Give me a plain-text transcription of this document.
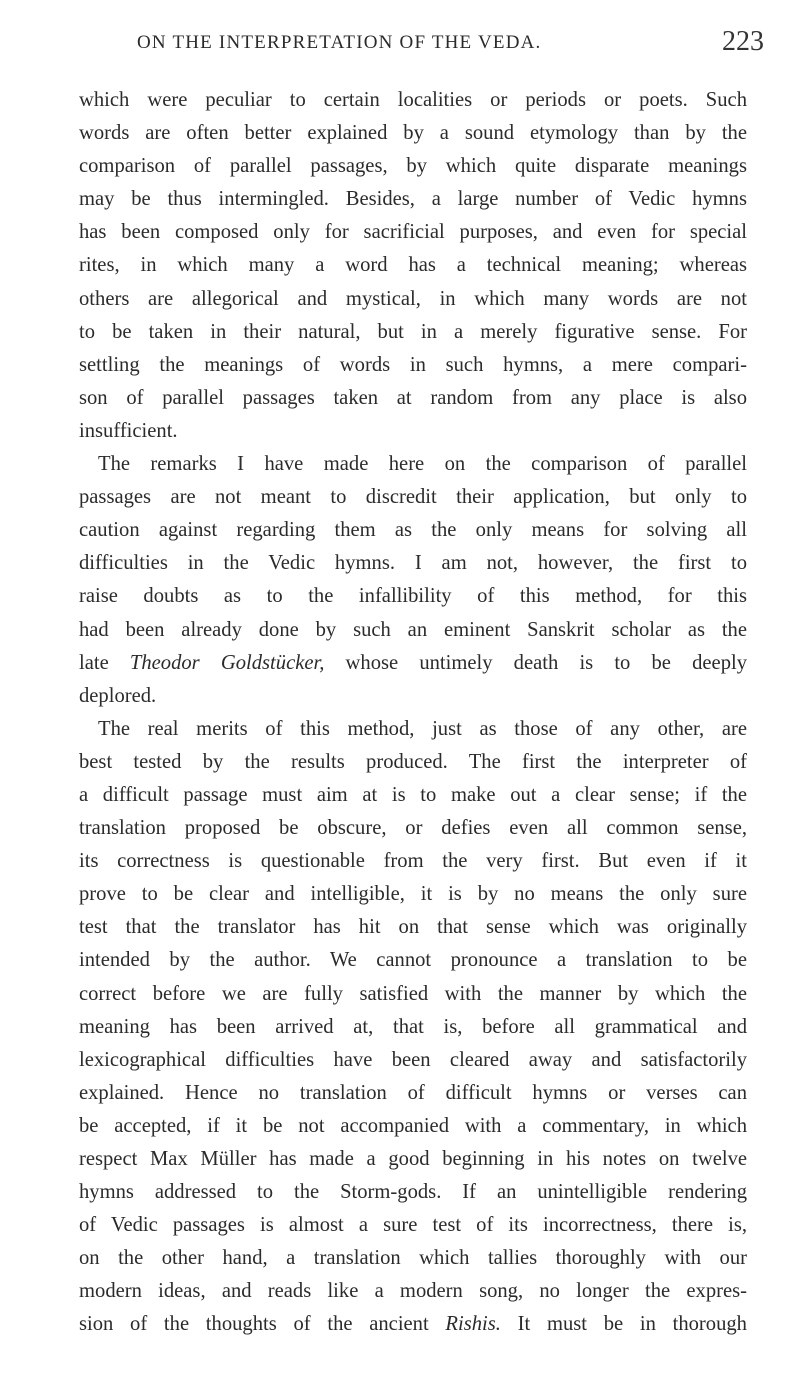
ON THE INTERPRETATION OF THE VEDA.	223
which were peculiar to certain localities or periods or poets. Such
words are often better explained by a sound etymology than by the
comparison of parallel passages, by which quite disparate meanings
may be thus intermingled. Besides, a large number of Vedic hymns
has been composed only for sacrificial purposes, and even for special
rites, in which many a word has a technical meaning; whereas
others are allegorical and mystical, in which many words are not
to be taken in their natural, but in a merely figurative sense. For
settling the meanings of words in such hymns, a mere compari-
son of parallel passages taken at random from any place is also
insufficient.
The remarks I have made here on the comparison of parallel
passages are not meant to discredit their application, but only to
caution against regarding them as the only means for solving all
difficulties in the Vedic hymns. I am not, however, the first to
raise doubts as to the infallibility of this method, for this
had been already done by such an eminent Sanskrit scholar as the
late Theodor Goldstücker, whose untimely death is to be deeply
deplored.
The real merits of this method, just as those of any other, are
best tested by the results produced. The first the interpreter of
a difficult passage must aim at is to make out a clear sense; if the
translation proposed be obscure, or defies even all common sense,
its correctness is questionable from the very first. But even if it
prove to be clear and intelligible, it is by no means the only sure
test that the translator has hit on that sense which was originally
intended by the author. We cannot pronounce a translation to be
correct before we are fully satisfied with the manner by which the
meaning has been arrived at, that is, before all grammatical and
lexicographical difficulties have been cleared away and satisfactorily
explained. Hence no translation of difficult hymns or verses can
be accepted, if it be not accompanied with a commentary, in which
respect Max Müller has made a good beginning in his notes on twelve
hymns addressed to the Storm-gods. If an unintelligible rendering
of Vedic passages is almost a sure test of its incorrectness, there is,
on the other hand, a translation which tallies thoroughly with our
modern ideas, and reads like a modern song, no longer the expres-
sion of the thoughts of the ancient Rishis. It must be in thorough
